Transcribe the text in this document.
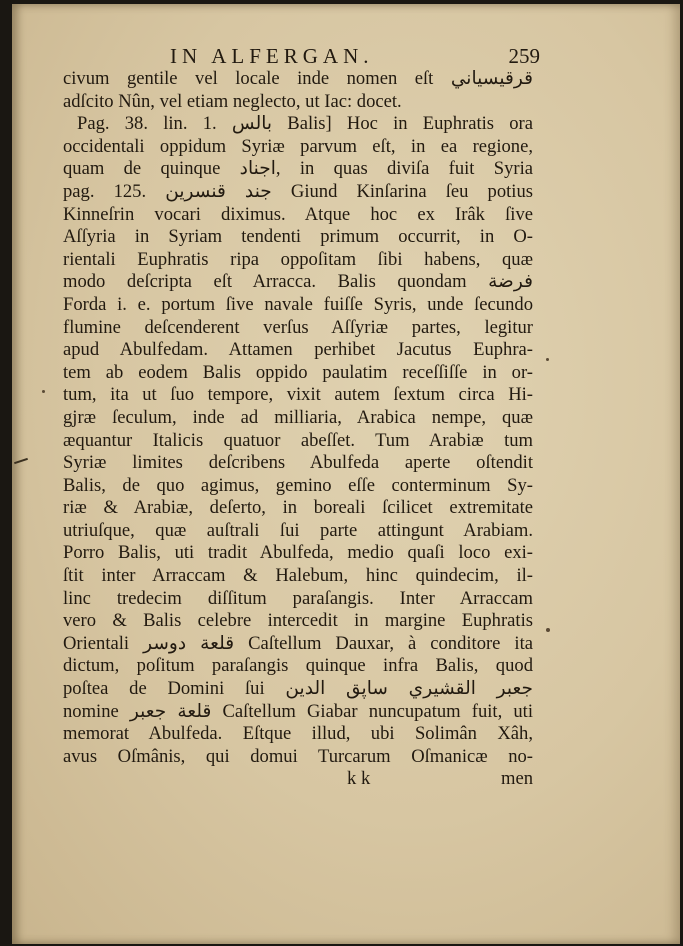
IN ALFERGAN.	259
civum gentile vel locale inde nomen eſt قرقيسياني
adſcito Nûn, vel etiam neglecto, ut Iac: docet.
Pag. 38. lin. 1. بالس Balis] Hoc in Euphratis ora
occidentali oppidum Syriæ parvum eſt, in ea regione,
quam de quinque اجناد, in quas diviſa fuit Syria
pag. 125. جند قنسرين Giund Kinſarina ſeu potius
Kinneſrin vocari diximus. Atque hoc ex Irâk ſive
Aſſyria in Syriam tendenti primum occurrit, in O-
rientali Euphratis ripa oppoſitam ſibi habens, quæ
modo deſcripta eſt Arracca. Balis quondam فرضة
Forda i. e. portum ſive navale fuiſſe Syris, unde ſecundo
flumine deſcenderent verſus Aſſyriæ partes, legitur
apud Abulfedam. Attamen perhibet Jacutus Euphra-
tem ab eodem Balis oppido paulatim receſſiſſe in or-
tum, ita ut ſuo tempore, vixit autem ſextum circa Hi-
gjræ ſeculum, inde ad milliaria, Arabica nempe, quæ
æquantur Italicis quatuor abeſſet. Tum Arabiæ tum
Syriæ limites deſcribens Abulfeda aperte oſtendit
Balis, de quo agimus, gemino eſſe conterminum Sy-
riæ & Arabiæ, deſerto, in boreali ſcilicet extremitate
utriuſque, quæ auſtrali ſui parte attingunt Arabiam.
Porro Balis, uti tradit Abulfeda, medio quaſi loco exi-
ſtit inter Arraccam & Halebum, hinc quindecim, il-
linc tredecim diſſitum paraſangis. Inter Arraccam
vero & Balis celebre intercedit in margine Euphratis
Orientali قلعة دوسر Caſtellum Dauxar, à conditore ita
dictum, poſitum paraſangis quinque infra Balis, quod
poſtea de Domini ſui جعبر القشيري ساپق الدين
nomine قلعة جعبر Caſtellum Giabar nuncupatum fuit, uti
memorat Abulfeda. Eſtque illud, ubi Solimân Xâh,
avus Oſmânis, qui domui Turcarum Oſmanicæ no-
k k	men
